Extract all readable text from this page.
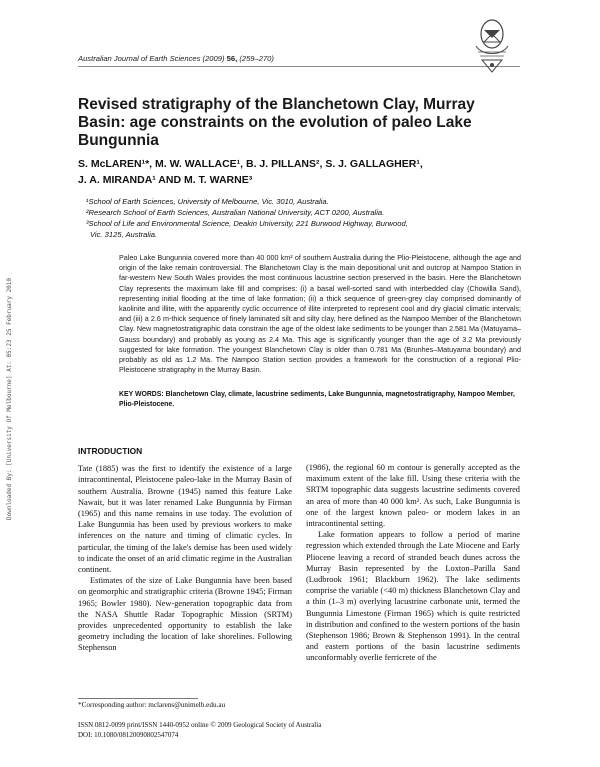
Australian Journal of Earth Sciences (2009) 56, (259–270)
Downloaded By: [University Of Melbourne] At: 05:23 25 February 2010
Revised stratigraphy of the Blanchetown Clay, Murray Basin: age constraints on the evolution of paleo Lake Bungunnia
S. McLAREN¹*, M. W. WALLACE¹, B. J. PILLANS², S. J. GALLAGHER¹,
J. A. MIRANDA¹ AND M. T. WARNE³
¹School of Earth Sciences, University of Melbourne, Vic. 3010, Australia.
²Research School of Earth Sciences, Australian National University, ACT 0200, Australia.
³School of Life and Environmental Science, Deakin University, 221 Burwood Highway, Burwood,
Vic. 3125, Australia.
Paleo Lake Bungunnia covered more than 40 000 km² of southern Australia during the Plio-Pleistocene, although the age and origin of the lake remain controversial. The Blanchetown Clay is the main depositional unit and outcrop at Nampoo Station in far-western New South Wales provides the most continuous lacustrine section preserved in the basin. Here the Blanchetown Clay represents the maximum lake fill and comprises: (i) a basal well-sorted sand with interbedded clay (Chowilla Sand), representing initial flooding at the time of lake formation; (ii) a thick sequence of green-grey clay comprised dominantly of kaolinite and illite, with the apparently cyclic occurrence of illite interpreted to represent cool and dry glacial climatic intervals; and (iii) a 2.6 m-thick sequence of finely laminated silt and silty clay, here defined as the Nampoo Member of the Blanchetown Clay. New magnetostratigraphic data constrain the age of the oldest lake sediments to be younger than 2.581 Ma (Matuyama–Gauss boundary) and probably as young as 2.4 Ma. This age is significantly younger than the age of 3.2 Ma previously suggested for lake formation. The youngest Blanchetown Clay is older than 0.781 Ma (Brunhes–Matuyama boundary) and probably as old as 1.2 Ma. The Nampoo Station section provides a framework for the construction of a regional Plio-Pleistocene stratigraphy in the Murray Basin.
KEY WORDS: Blanchetown Clay, climate, lacustrine sediments, Lake Bungunnia, magnetostratigraphy, Nampoo Member, Plio-Pleistocene.
INTRODUCTION

Tate (1885) was the first to identify the existence of a large intracontinental, Pleistocene paleo-lake in the Murray Basin of southern Australia. Browne (1945) named this feature Lake Nawait, but it was later renamed Lake Bungunnia by Firman (1965) and this name remains in use today. The evolution of Lake Bungunnia has been used by previous workers to make inferences on the nature and timing of climatic cycles. In particular, the timing of the lake's demise has been used widely to indicate the onset of an arid climatic regime in the Australian continent.

Estimates of the size of Lake Bungunnia have been based on geomorphic and stratigraphic criteria (Browne 1945; Firman 1965; Bowler 1980). New-generation topographic data from the NASA Shuttle Radar Topographic Mission (SRTM) provides unprecedented opportunity to establish the lake geometry including the location of lake shorelines. Following Stephenson

(1986), the regional 60 m contour is generally accepted as the maximum extent of the lake fill. Using these criteria with the SRTM topographic data suggests lacustrine sediments covered an area of more than 40 000 km². As such, Lake Bungunnia is one of the largest known paleo- or modern lakes in an intracontinental setting.

Lake formation appears to follow a period of marine regression which extended through the Late Miocene and Early Pliocene leaving a record of stranded beach dunes across the Murray Basin represented by the Loxton–Parilla Sand (Ludbrook 1961; Blackburn 1962). The lake sediments comprise the variable (<40 m) thickness Blanchetown Clay and a thin (1–3 m) overlying lacustrine carbonate unit, termed the Bungunnia Limestone (Firman 1965) which is quite restricted in distribution and confined to the western portions of the basin (Stephenson 1986; Brown & Stephenson 1991). In the central and eastern portions of the basin lacustrine sediments unconformably overlie ferricrete of the

*Corresponding author: mclarens@unimelb.edu.au
ISSN 0812-0099 print/ISSN 1440-0952 online © 2009 Geological Society of Australia
DOI: 10.1080/08120090802547074
